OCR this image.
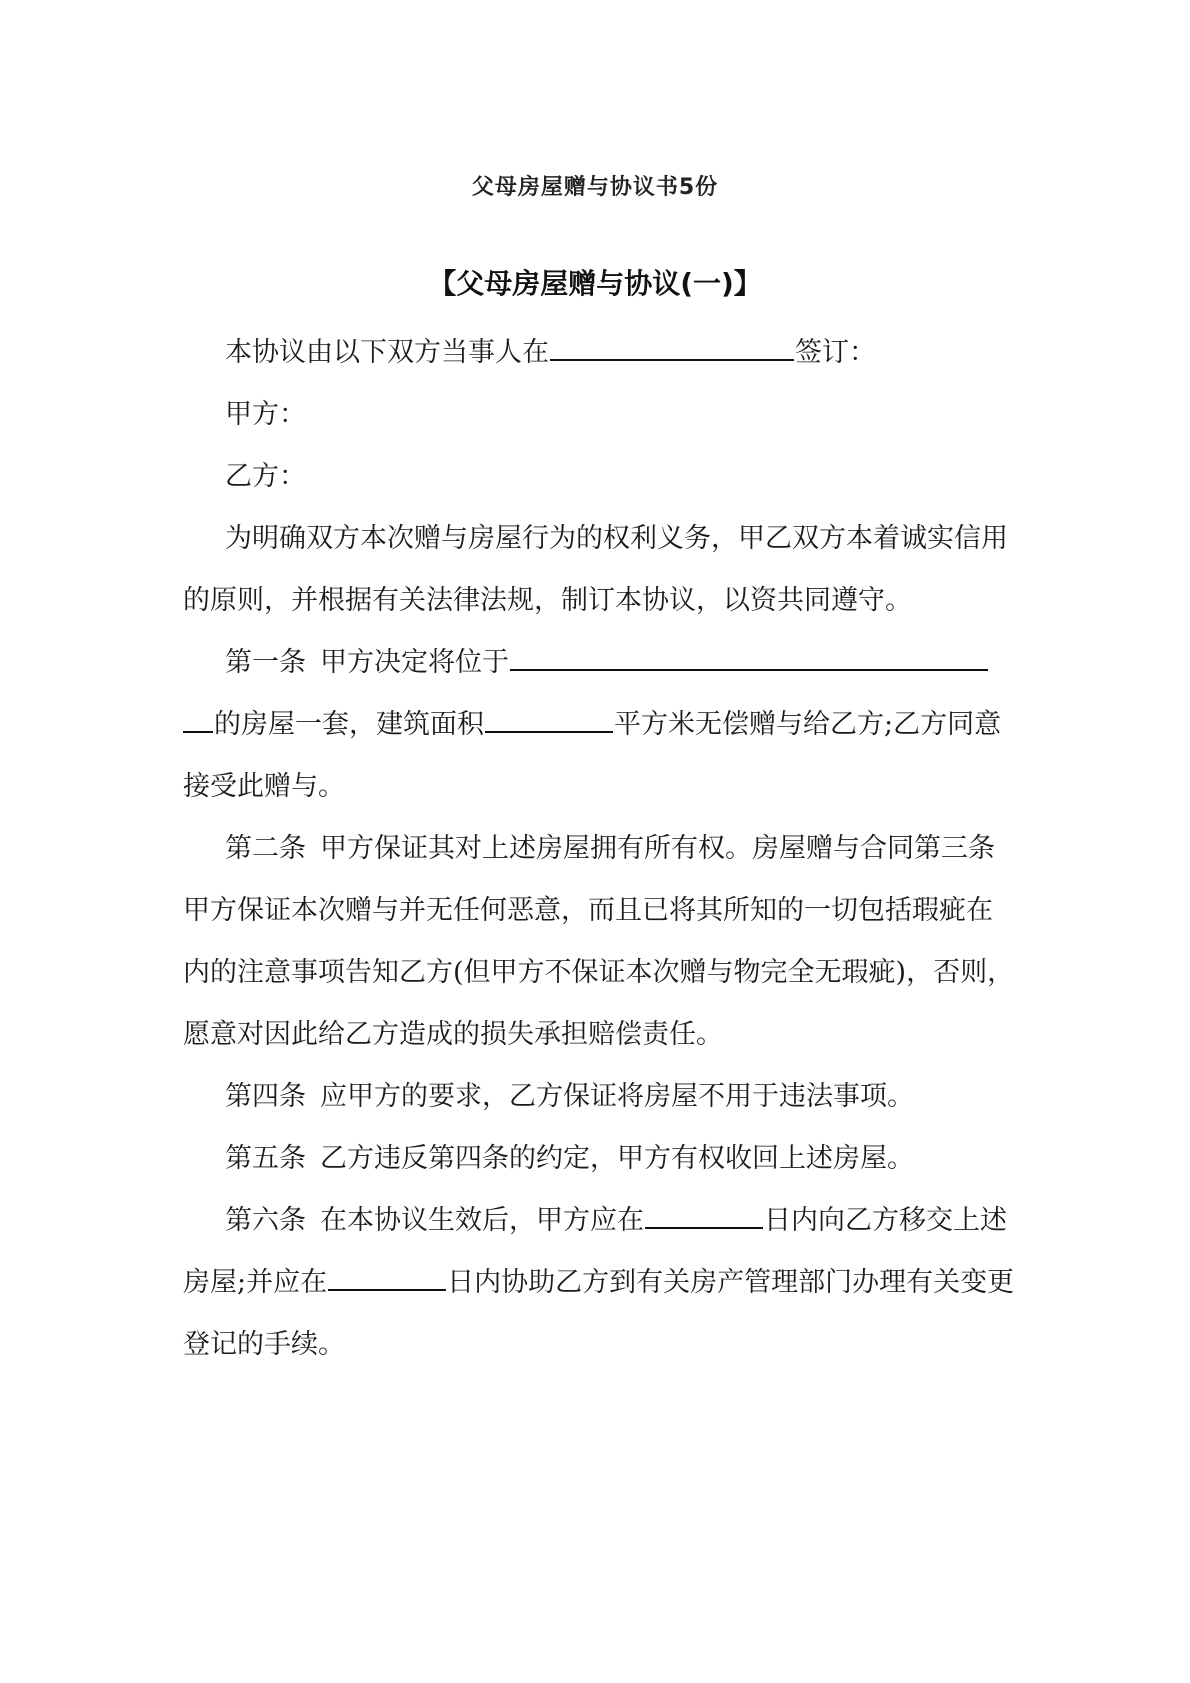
父母房屋赠与协议书5份
【父母房屋赠与协议(一)】

本协议由以下双方当事人在	签订：

甲方：

乙方：

为明确双方本次赠与房屋行为的权利义务，甲乙双方本着诚实信用的原则，并根据有关法律法规，制订本协议，以资共同遵守。

第一条 甲方决定将位于的房屋一套，建筑面积	平方米无偿赠与给乙方;乙方同意接受此赠与。

第二条 甲方保证其对上述房屋拥有所有权。房屋赠与合同第三条 甲方保证本次赠与并无任何恶意，而且已将其所知的一切包括瑕疵在内的注意事项告知乙方(但甲方不保证本次赠与物完全无瑕疵)，否则，愿意对因此给乙方造成的损失承担赔偿责任。

第四条 应甲方的要求，乙方保证将房屋不用于违法事项。

第五条 乙方违反第四条的约定，甲方有权收回上述房屋。

第六条 在本协议生效后，甲方应在	日内向乙方移交上述房屋;并应在	日内协助乙方到有关房产管理部门办理有关变更登记的手续。
